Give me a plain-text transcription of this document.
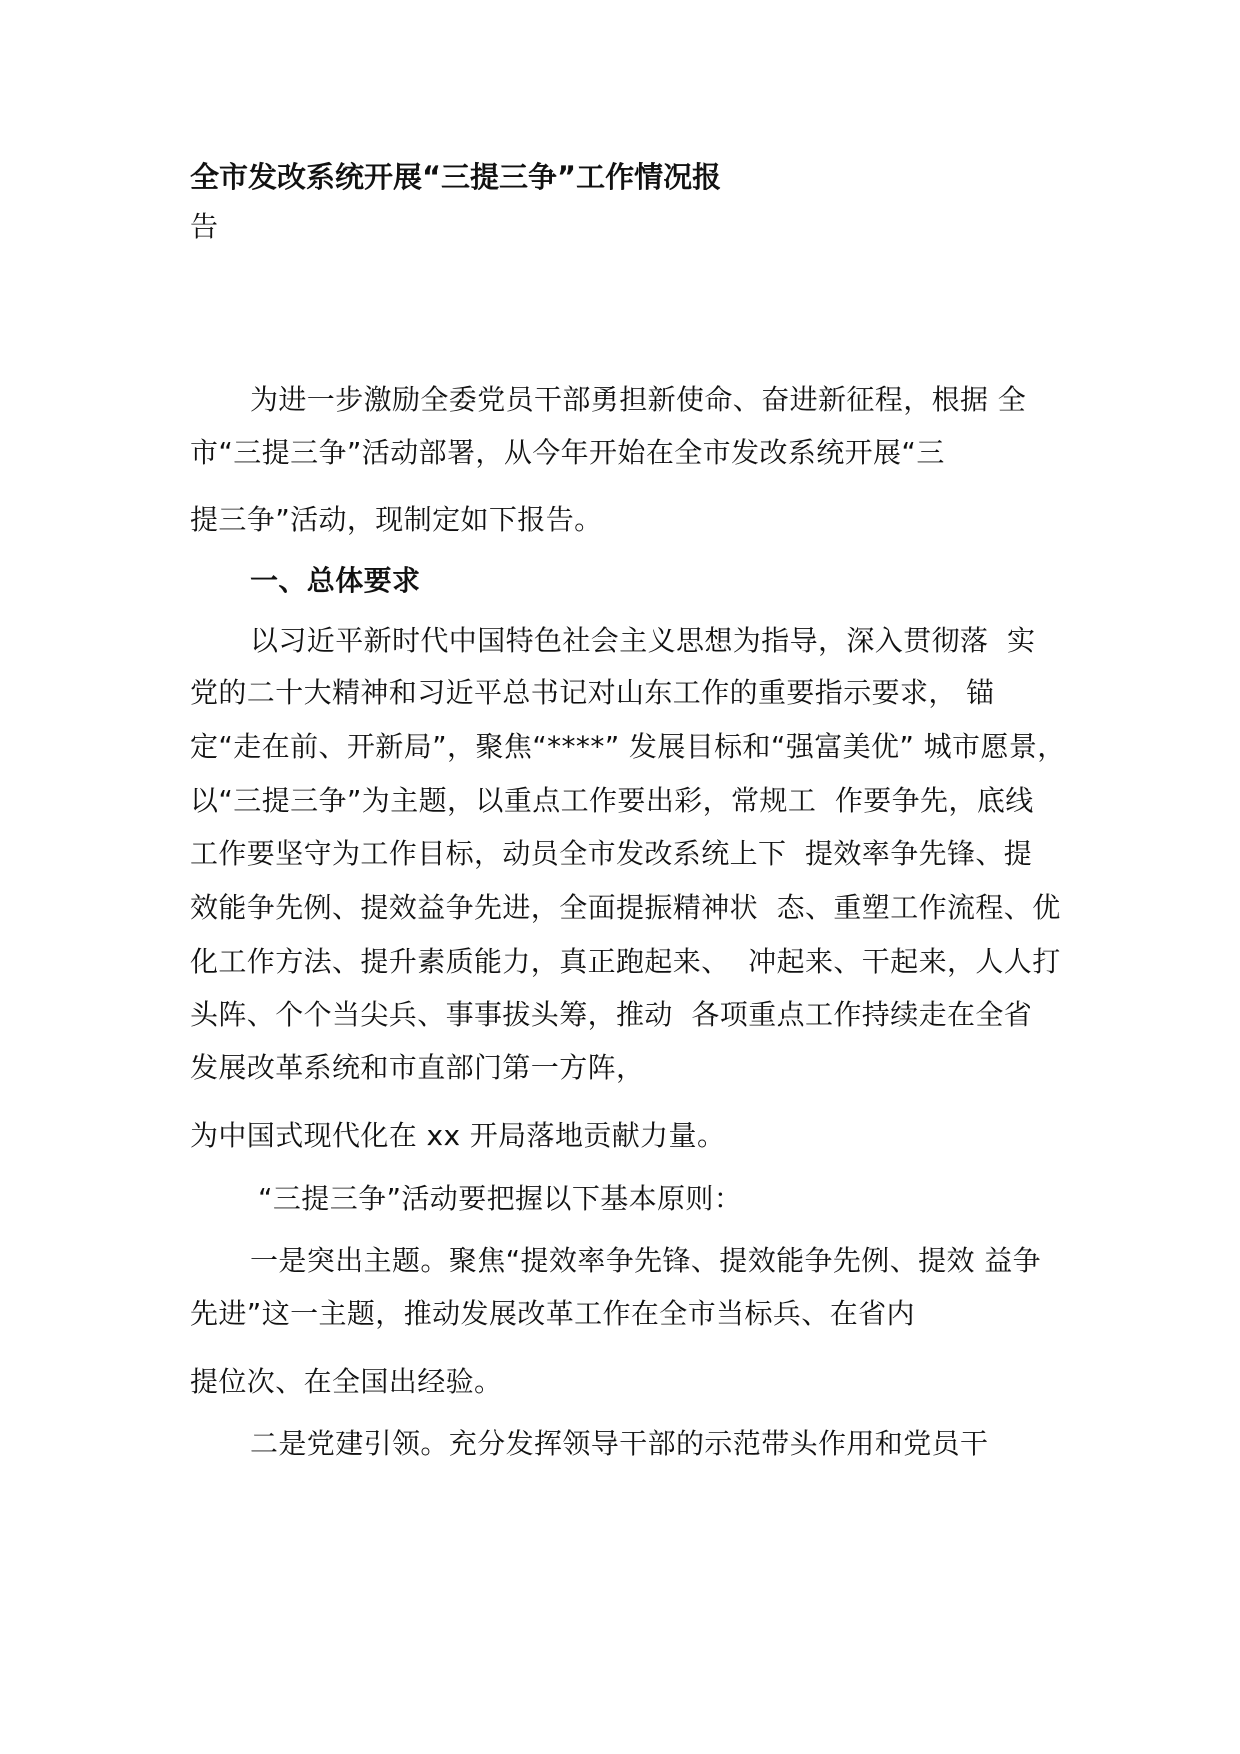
全市发改系统开展“三提三争”工作情况报
告
为进一步激励全委党员干部勇担新使命、奋进新征程，根据 全
市“三提三争”活动部署，从今年开始在全市发改系统开展“三
提三争”活动，现制定如下报告。
一、总体要求
以习近平新时代中国特色社会主义思想为指导，深入贯彻落  实
党的二十大精神和习近平总书记对山东工作的重要指示要求， 锚
定“走在前、开新局”，聚焦“****” 发展目标和“强富美优” 城市愿景，
以“三提三争”为主题，以重点工作要出彩，常规工  作要争先，底线
工作要坚守为工作目标，动员全市发改系统上下  提效率争先锋、提
效能争先例、提效益争先进，全面提振精神状  态、重塑工作流程、优
化工作方法、提升素质能力，真正跑起来、  冲起来、干起来，人人打
头阵、个个当尖兵、事事拔头筹，推动  各项重点工作持续走在全省
发展改革系统和市直部门第一方阵，
为中国式现代化在 xx 开局落地贡献力量。
“三提三争”活动要把握以下基本原则：
一是突出主题。聚焦“提效率争先锋、提效能争先例、提效 益争
先进”这一主题，推动发展改革工作在全市当标兵、在省内
提位次、在全国出经验。
二是党建引领。充分发挥领导干部的示范带头作用和党员干
